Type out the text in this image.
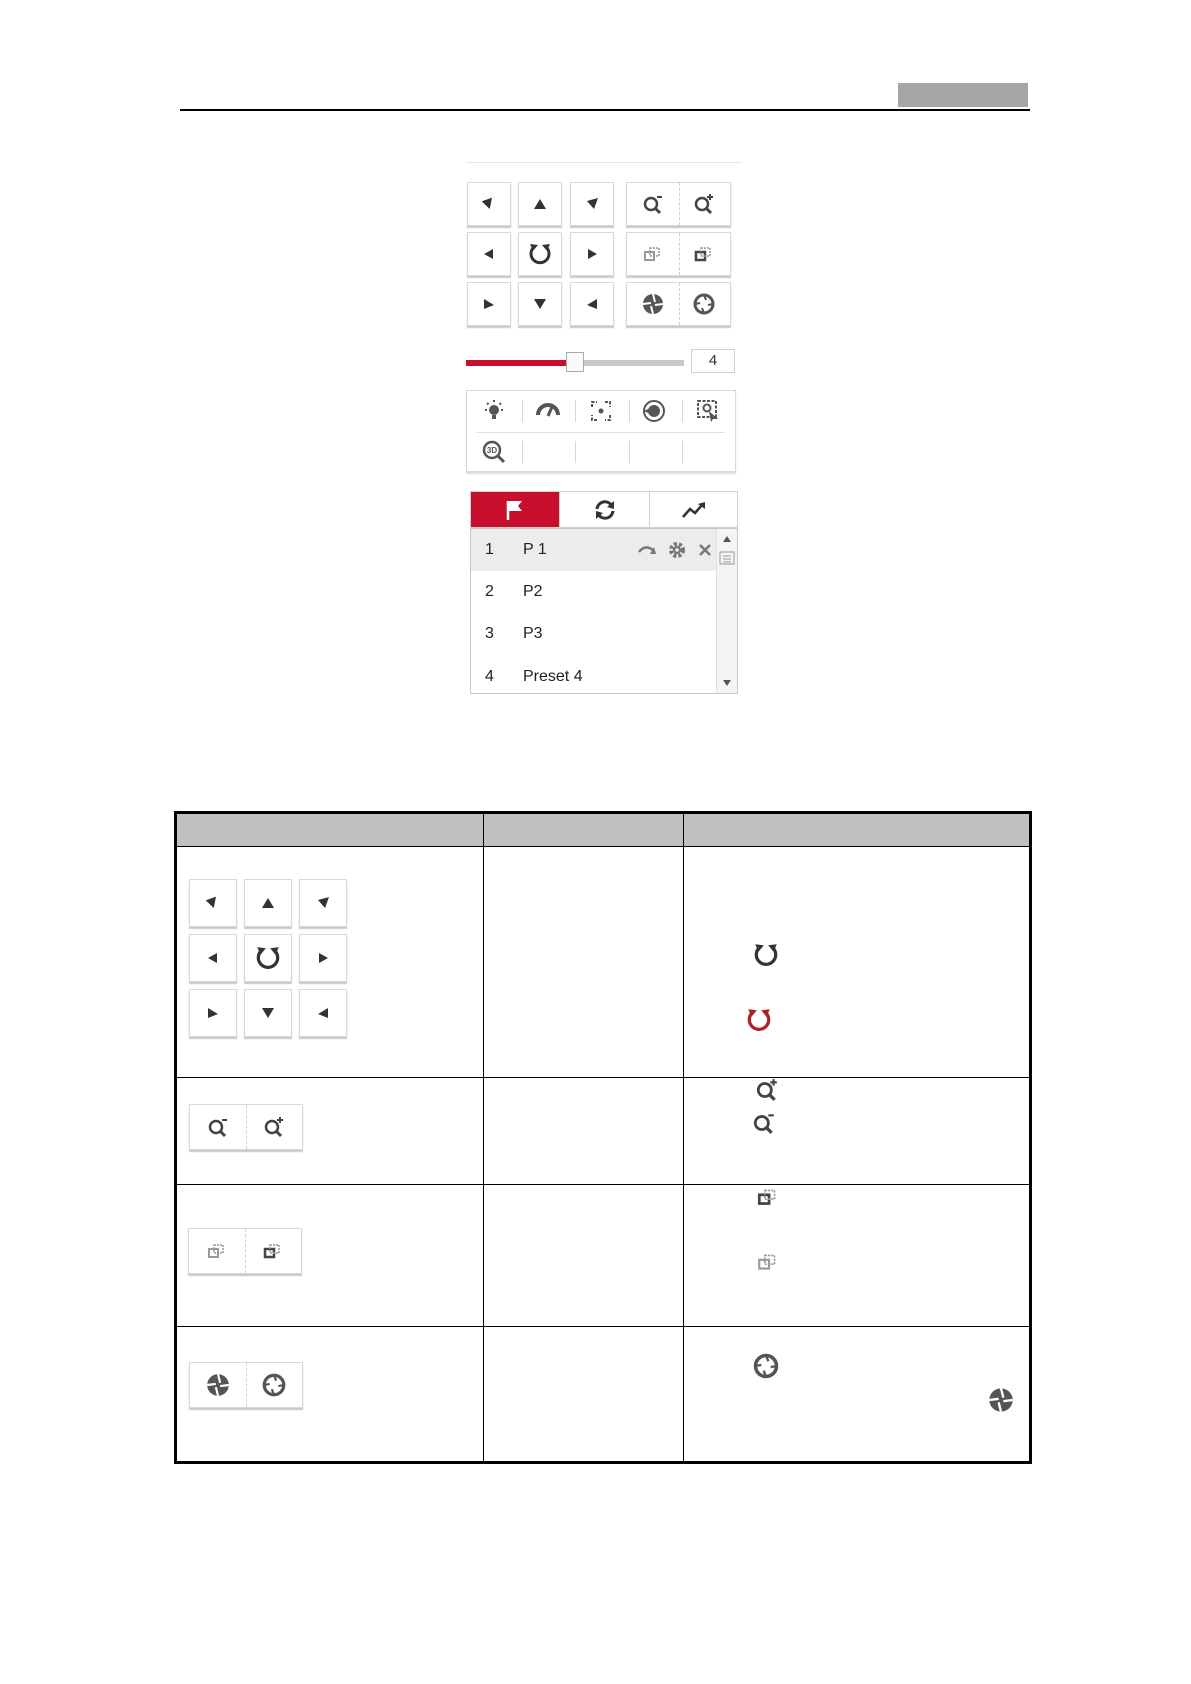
4
3D
1 P 1
2 P2
3 P3
4 Preset 4
